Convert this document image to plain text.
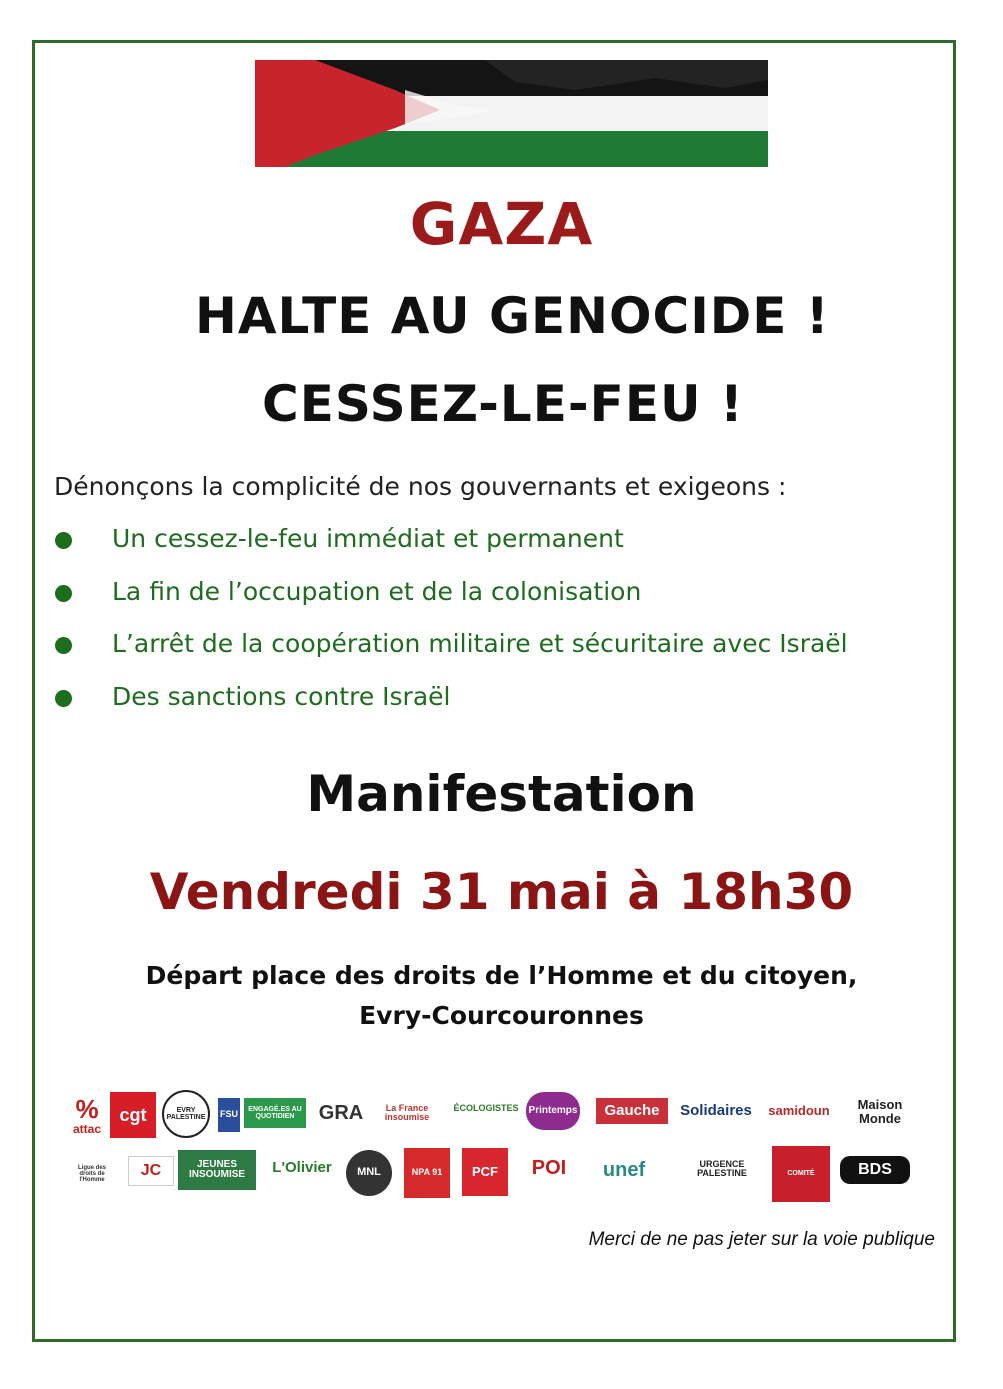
GAZA
HALTE AU GENOCIDE !
CESSEZ-LE-FEU !
Dénonçons la complicité de nos gouvernants et exigeons :
Un cessez-le-feu immédiat et permanent
La fin de l’occupation et de la colonisation
L’arrêt de la coopération militaire et sécuritaire avec Israël
Des sanctions contre Israël
Manifestation
Vendredi 31 mai à 18h30
Départ place des droits de l’Homme et du citoyen,
Evry-Courcouronnes
%
attac
cgt	EVRY PALESTINE FSU
ENGAGÉ.ES AU QUOTIDIEN	GRA	La France insoumise
ÉCOLOGISTES Printemps Gauche Solidaires samidoun	Maison Monde
Ligue des droits de l'Homme
JC	JEUNES INSOUMISE	L'Olivier MNL	NPA 91 PCF POI unef	URGENCE PALESTINE	COMITÉ	BDS
Merci de ne pas jeter sur la voie publique
